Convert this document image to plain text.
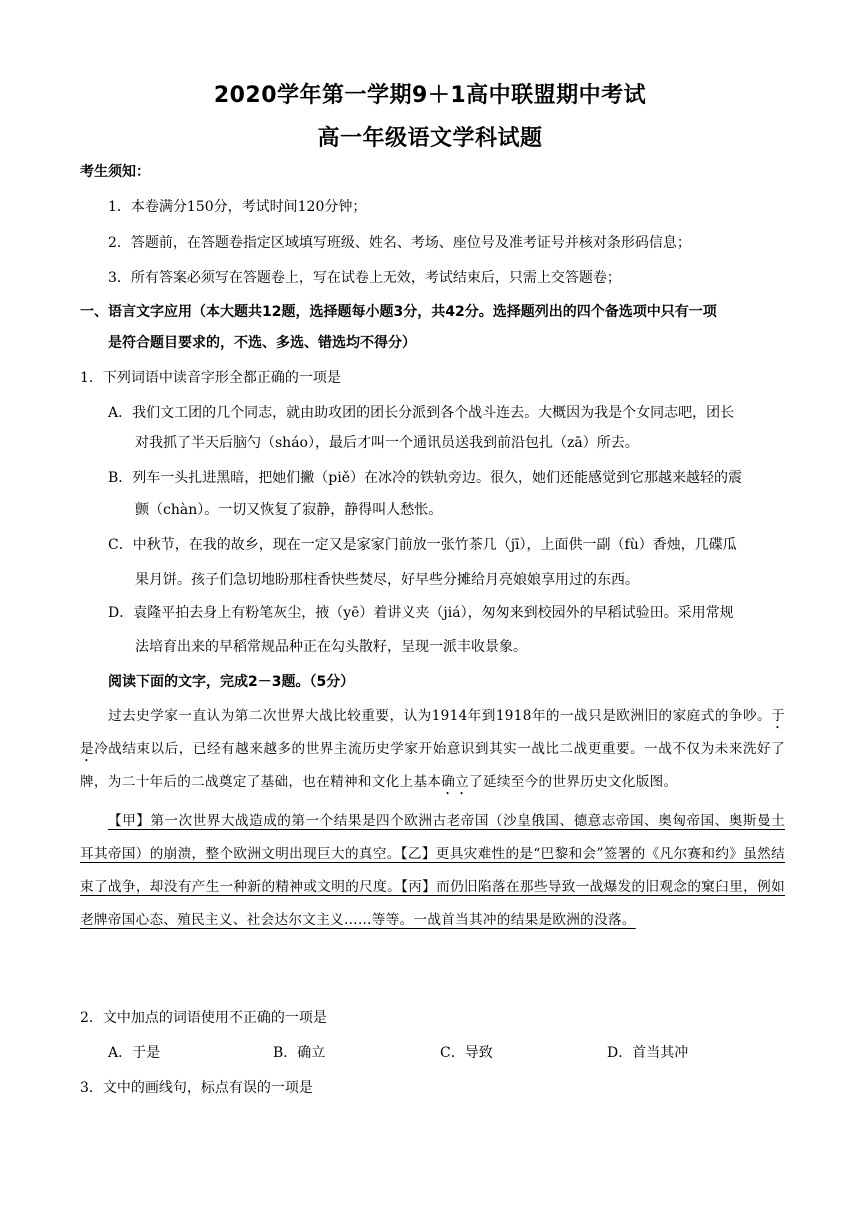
2020学年第一学期9＋1高中联盟期中考试
高一年级语文学科试题
考生须知：
1．本卷满分150分，考试时间120分钟；
2．答题前，在答题卷指定区域填写班级、姓名、考场、座位号及准考证号并核对条形码信息；
3．所有答案必须写在答题卷上，写在试卷上无效，考试结束后，只需上交答题卷；
一、语言文字应用（本大题共12题，选择题每小题3分，共42分。选择题列出的四个备选项中只有一项
是符合题目要求的，不选、多选、错选均不得分）
1．下列词语中读音字形全都正确的一项是
A．我们文工团的几个同志，就由助攻团的团长分派到各个战斗连去。大概因为我是个女同志吧，团长
对我抓了半天后脑勺（sháo），最后才叫一个通讯员送我到前沿包扎（zā）所去。
B．列车一头扎进黑暗，把她们撇（piě）在冰冷的铁轨旁边。很久，她们还能感觉到它那越来越轻的震
颤（chàn）。一切又恢复了寂静，静得叫人愁怅。
C．中秋节，在我的故乡，现在一定又是家家门前放一张竹茶几（jī），上面供一副（fù）香烛，几碟瓜
果月饼。孩子们急切地盼那柱香快些焚尽，好早些分摊给月亮娘娘享用过的东西。
D．袁隆平拍去身上有粉笔灰尘，掖（yē）着讲义夹（jiá），匆匆来到校园外的早稻试验田。采用常规
法培育出来的早稻常规品种正在勾头散籽，呈现一派丰收景象。
阅读下面的文字，完成2－3题。（5分）

过去史学家一直认为第二次世界大战比较重要，认为1914年到1918年的一战只是欧洲旧的家庭式的争吵。于是冷战结束以后，已经有越来越多的世界主流历史学家开始意识到其实一战比二战更重要。一战不仅为未来洗好了牌，为二十年后的二战奠定了基础，也在精神和文化上基本确立了延续至今的世界历史文化版图。

【甲】第一次世界大战造成的第一个结果是四个欧洲古老帝国（沙皇俄国、德意志帝国、奥匈帝国、奥斯曼土耳其帝国）的崩溃，整个欧洲文明出现巨大的真空。【乙】更具灾难性的是“巴黎和会”签署的《凡尔赛和约》虽然结束了战争，却没有产生一种新的精神或文明的尺度。【丙】而仍旧陷落在那些导致一战爆发的旧观念的窠臼里，例如老牌帝国心态、殖民主义、社会达尔文主义……等等。一战首当其冲的结果是欧洲的没落。

2．文中加点的词语使用不正确的一项是
A．于是	B．确立	C．导致	D．首当其冲
3．文中的画线句，标点有误的一项是
